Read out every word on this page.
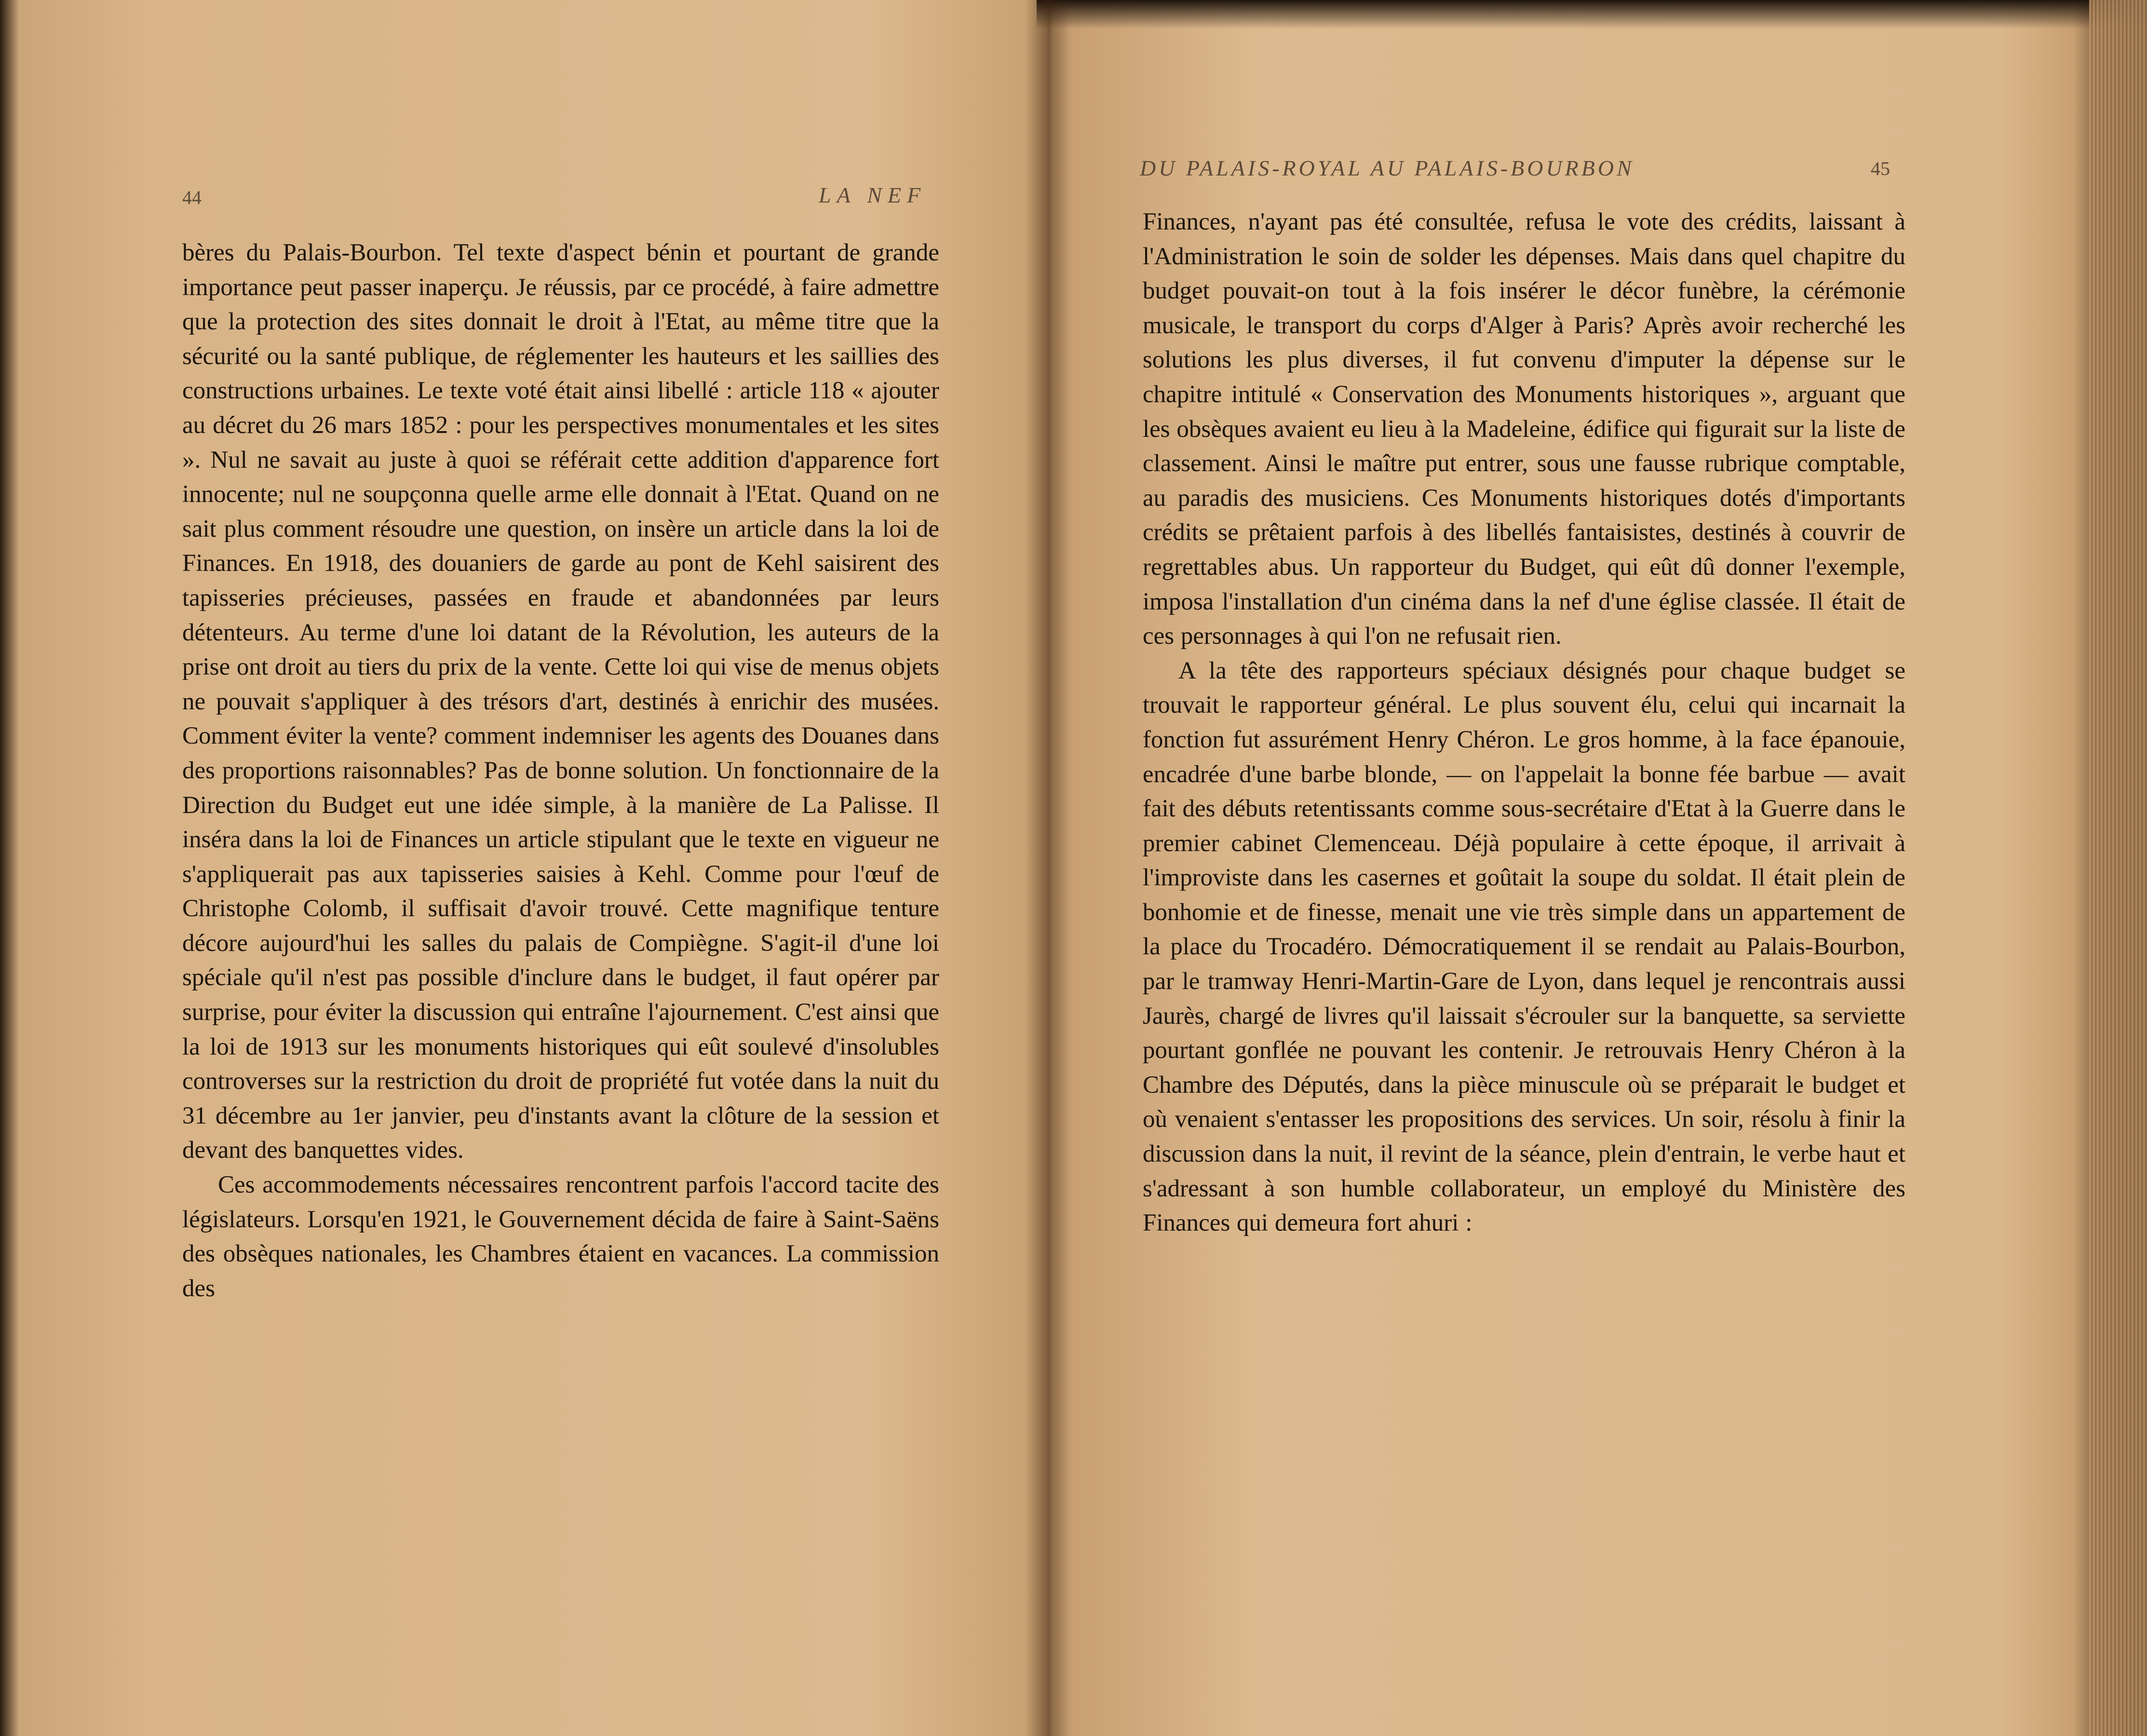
44	LA NEF

bères du Palais-Bourbon. Tel texte d'aspect bénin et pourtant de grande importance peut passer inaperçu. Je réussis, par ce procédé, à faire admettre que la protection des sites donnait le droit à l'Etat, au même titre que la sécurité ou la santé publique, de réglementer les hauteurs et les saillies des constructions urbaines. Le texte voté était ainsi libellé : article 118 « ajouter au décret du 26 mars 1852 : pour les perspectives monumentales et les sites ». Nul ne savait au juste à quoi se référait cette addition d'apparence fort innocente; nul ne soupçonna quelle arme elle donnait à l'Etat. Quand on ne sait plus comment résoudre une question, on insère un article dans la loi de Finances. En 1918, des douaniers de garde au pont de Kehl saisirent des tapisseries précieuses, passées en fraude et abandonnées par leurs détenteurs. Au terme d'une loi datant de la Révolution, les auteurs de la prise ont droit au tiers du prix de la vente. Cette loi qui vise de menus objets ne pouvait s'appliquer à des trésors d'art, destinés à enrichir des musées. Comment éviter la vente? comment indemniser les agents des Douanes dans des proportions raisonnables? Pas de bonne solution. Un fonctionnaire de la Direction du Budget eut une idée simple, à la manière de La Palisse. Il inséra dans la loi de Finances un article stipulant que le texte en vigueur ne s'appliquerait pas aux tapisseries saisies à Kehl. Comme pour l'œuf de Christophe Colomb, il suffisait d'avoir trouvé. Cette magnifique tenture décore aujourd'hui les salles du palais de Compiègne. S'agit-il d'une loi spéciale qu'il n'est pas possible d'inclure dans le budget, il faut opérer par surprise, pour éviter la discussion qui entraîne l'ajournement. C'est ainsi que la loi de 1913 sur les monuments historiques qui eût soulevé d'insolubles controverses sur la restriction du droit de propriété fut votée dans la nuit du 31 décembre au 1er janvier, peu d'instants avant la clôture de la session et devant des banquettes vides.

Ces accommodements nécessaires rencontrent parfois l'accord tacite des législateurs. Lorsqu'en 1921, le Gouvernement décida de faire à Saint-Saëns des obsèques nationales, les Chambres étaient en vacances. La commission des

DU PALAIS-ROYAL AU PALAIS-BOURBON	45

Finances, n'ayant pas été consultée, refusa le vote des crédits, laissant à l'Administration le soin de solder les dépenses. Mais dans quel chapitre du budget pouvait-on tout à la fois insérer le décor funèbre, la cérémonie musicale, le transport du corps d'Alger à Paris? Après avoir recherché les solutions les plus diverses, il fut convenu d'imputer la dépense sur le chapitre intitulé « Conservation des Monuments historiques », arguant que les obsèques avaient eu lieu à la Madeleine, édifice qui figurait sur la liste de classement. Ainsi le maître put entrer, sous une fausse rubrique comptable, au paradis des musiciens. Ces Monuments historiques dotés d'importants crédits se prêtaient parfois à des libellés fantaisistes, destinés à couvrir de regrettables abus. Un rapporteur du Budget, qui eût dû donner l'exemple, imposa l'installation d'un cinéma dans la nef d'une église classée. Il était de ces personnages à qui l'on ne refusait rien.

A la tête des rapporteurs spéciaux désignés pour chaque budget se trouvait le rapporteur général. Le plus souvent élu, celui qui incarnait la fonction fut assurément Henry Chéron. Le gros homme, à la face épanouie, encadrée d'une barbe blonde, — on l'appelait la bonne fée barbue — avait fait des débuts retentissants comme sous-secrétaire d'Etat à la Guerre dans le premier cabinet Clemenceau. Déjà populaire à cette époque, il arrivait à l'improviste dans les casernes et goûtait la soupe du soldat. Il était plein de bonhomie et de finesse, menait une vie très simple dans un appartement de la place du Trocadéro. Démocratiquement il se rendait au Palais-Bourbon, par le tramway Henri-Martin-Gare de Lyon, dans lequel je rencontrais aussi Jaurès, chargé de livres qu'il laissait s'écrouler sur la banquette, sa serviette pourtant gonflée ne pouvant les contenir. Je retrouvais Henry Chéron à la Chambre des Députés, dans la pièce minuscule où se préparait le budget et où venaient s'entasser les propositions des services. Un soir, résolu à finir la discussion dans la nuit, il revint de la séance, plein d'entrain, le verbe haut et s'adressant à son humble collaborateur, un employé du Ministère des Finances qui demeura fort ahuri :
